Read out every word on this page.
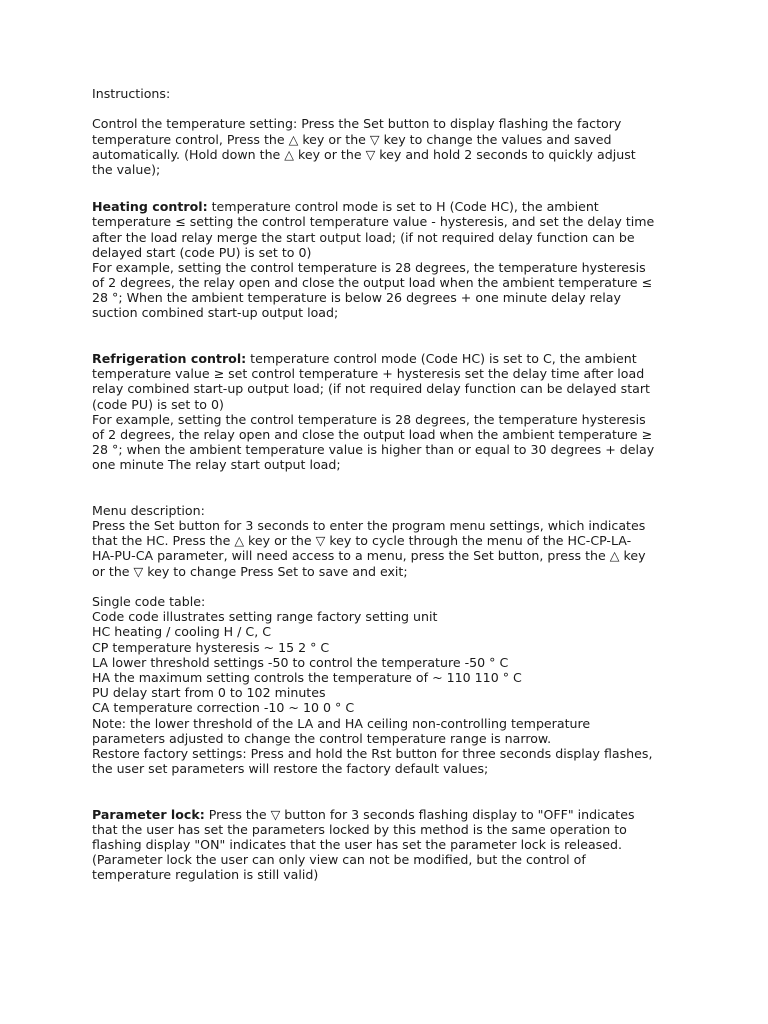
Instructions:

Control the temperature setting: Press the Set button to display flashing the factory

temperature control, Press the △ key or the ▽ key to change the values and saved

automatically. (Hold down the △ key or the ▽ key and hold 2 seconds to quickly adjust

the value);

Heating control: temperature control mode is set to H (Code HC), the ambient

temperature ≤ setting the control temperature value - hysteresis, and set the delay time

after the load relay merge the start output load; (if not required delay function can be

delayed start (code PU) is set to 0)

For example, setting the control temperature is 28 degrees, the temperature hysteresis

of 2 degrees, the relay open and close the output load when the ambient temperature ≤

28 °; When the ambient temperature is below 26 degrees + one minute delay relay

suction combined start-up output load;

Refrigeration control: temperature control mode (Code HC) is set to C, the ambient

temperature value ≥ set control temperature + hysteresis set the delay time after load

relay combined start-up output load; (if not required delay function can be delayed start

(code PU) is set to 0)

For example, setting the control temperature is 28 degrees, the temperature hysteresis

of 2 degrees, the relay open and close the output load when the ambient temperature ≥

28 °; when the ambient temperature value is higher than or equal to 30 degrees + delay

one minute The relay start output load;

Menu description:

Press the Set button for 3 seconds to enter the program menu settings, which indicates

that the HC. Press the △ key or the ▽ key to cycle through the menu of the HC-CP-LA-

HA-PU-CA parameter, will need access to a menu, press the Set button, press the △ key

or the ▽ key to change Press Set to save and exit;

Single code table:

Code code illustrates setting range factory setting unit

HC heating / cooling H / C, C

CP temperature hysteresis ~ 15 2 ° C

LA lower threshold settings -50 to control the temperature -50 ° C

HA the maximum setting controls the temperature of ~ 110 110 ° C

PU delay start from 0 to 102 minutes

CA temperature correction -10 ~ 10 0 ° C

Note: the lower threshold of the LA and HA ceiling non-controlling temperature

parameters adjusted to change the control temperature range is narrow.

Restore factory settings: Press and hold the Rst button for three seconds display flashes,

the user set parameters will restore the factory default values;

Parameter lock: Press the ▽ button for 3 seconds flashing display to "OFF" indicates

that the user has set the parameters locked by this method is the same operation to

flashing display "ON" indicates that the user has set the parameter lock is released.

(Parameter lock the user can only view can not be modified, but the control of

temperature regulation is still valid)
